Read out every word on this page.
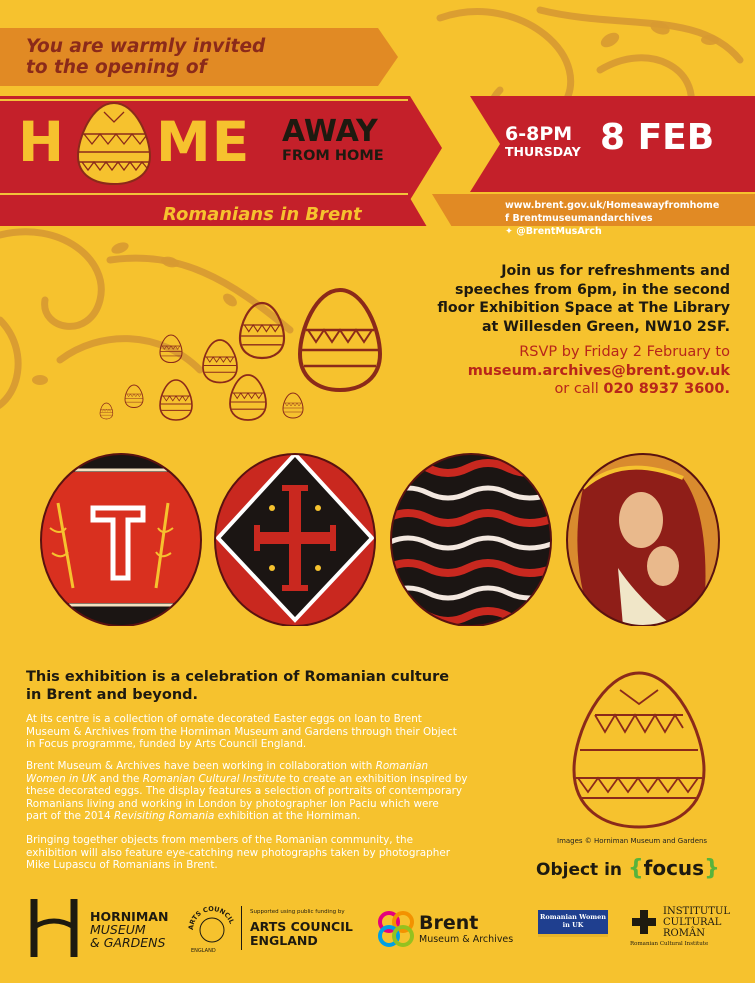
You are warmly invited
to the opening of
H ME AWAY
FROM HOME
Romanians in Brent
6-8PM
THURSDAY 8 FEB
www.brent.gov.uk/Homeawayfromhome
f Brentmuseumandarchives
✦ @BrentMusArch
Join us for refreshments and
speeches from 6pm, in the second
floor Exhibition Space at The Library
at Willesden Green, NW10 2SF.
RSVP by Friday 2 February to
museum.archives@brent.gov.uk
or call 020 8937 3600.
This exhibition is a celebration of Romanian culture
in Brent and beyond.
At its centre is a collection of ornate decorated Easter eggs on loan to Brent
Museum & Archives from the Horniman Museum and Gardens through their Object
in Focus programme, funded by Arts Council England.
Brent Museum & Archives have been working in collaboration with Romanian
Women in UK and the Romanian Cultural Institute to create an exhibition inspired by
these decorated eggs. The display features a selection of portraits of contemporary
Romanians living and working in London by photographer Ion Paciu which were
part of the 2014 Revisiting Romania exhibition at the Horniman.
Bringing together objects from members of the Romanian community, the
exhibition will also feature eye-catching new photographs taken by photographer
Mike Lupascu of Romanians in Brent.
Images © Horniman Museum and Gardens
Object in {focus}
HORNIMAN
MUSEUM
& GARDENS
ARTS COUNCIL
ENGLAND
Supported using public funding by
ARTS COUNCIL
ENGLAND
Brent
Museum & Archives
Romanian Women
in UK
INSTITUTUL
CULTURAL
ROMÂN
Romanian Cultural Institute
